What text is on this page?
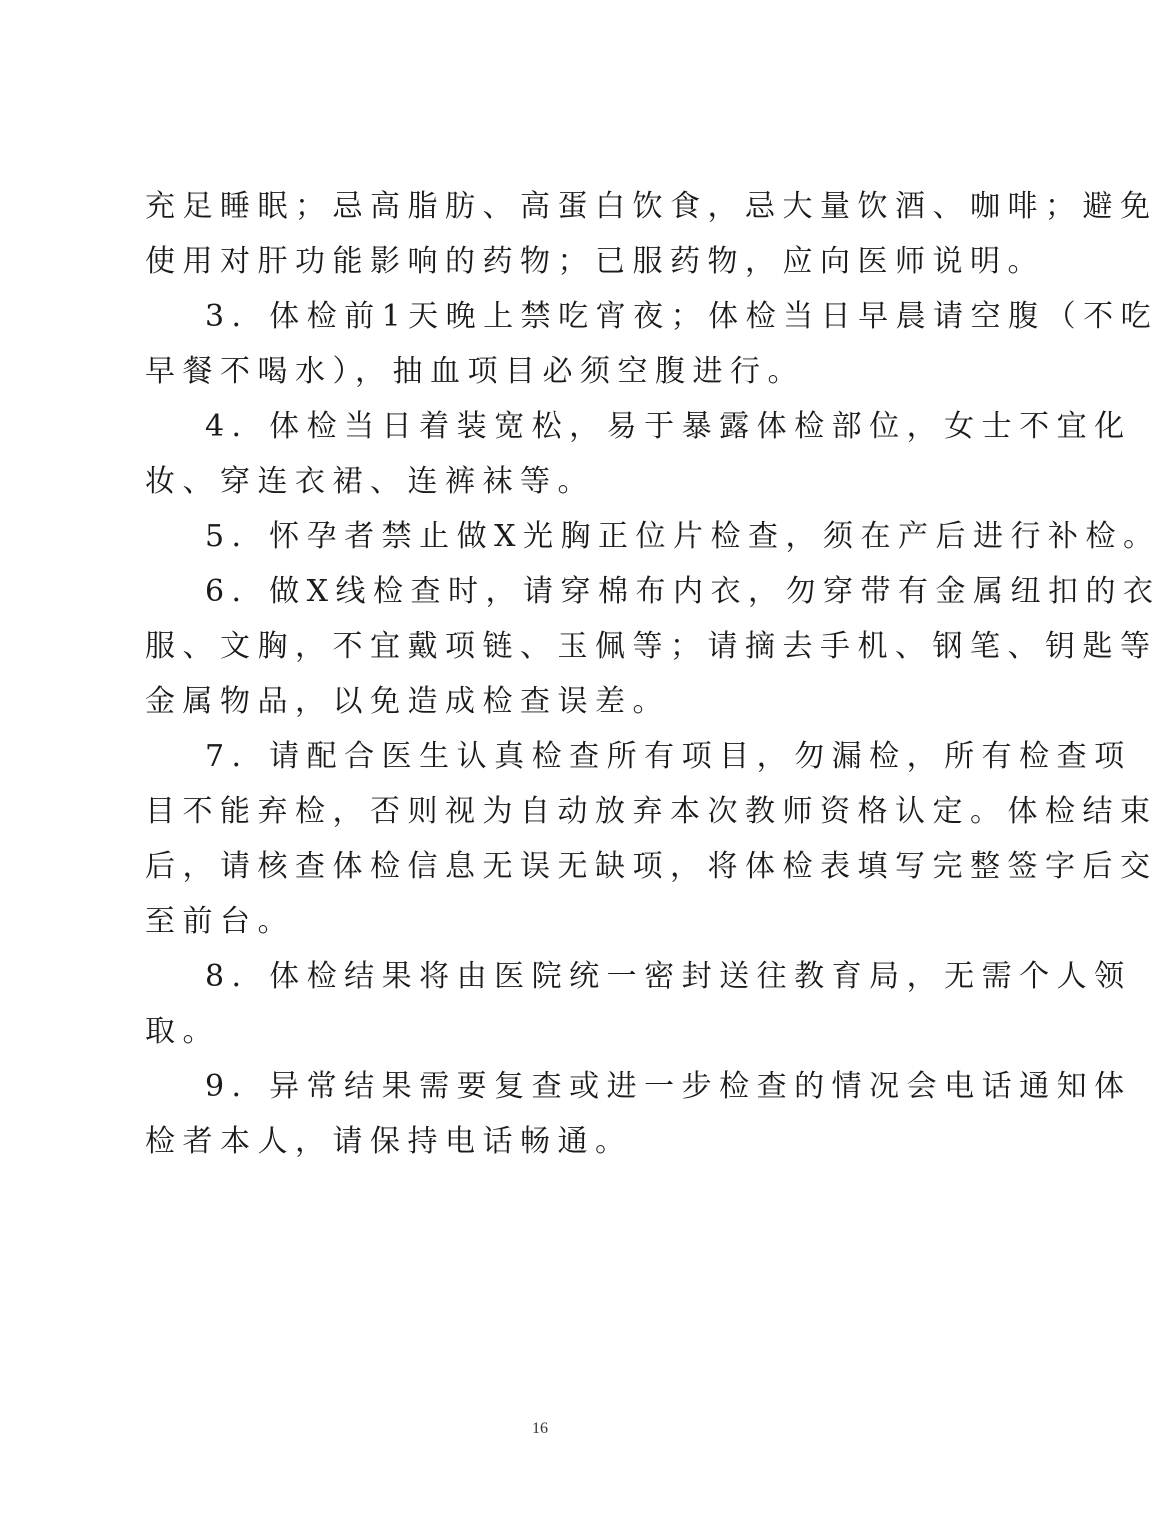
充足睡眠；忌高脂肪、高蛋白饮食，忌大量饮酒、咖啡；避免
使用对肝功能影响的药物；已服药物，应向医师说明。
3．体检前1天晚上禁吃宵夜；体检当日早晨请空腹（不吃
早餐不喝水），抽血项目必须空腹进行。
4．体检当日着装宽松，易于暴露体检部位，女士不宜化
妆、穿连衣裙、连裤袜等。
5．怀孕者禁止做X光胸正位片检查，须在产后进行补检。
6．做X线检查时，请穿棉布内衣，勿穿带有金属纽扣的衣
服、文胸，不宜戴项链、玉佩等；请摘去手机、钢笔、钥匙等
金属物品，以免造成检查误差。
7．请配合医生认真检查所有项目，勿漏检，所有检查项
目不能弃检，否则视为自动放弃本次教师资格认定。体检结束
后，请核查体检信息无误无缺项，将体检表填写完整签字后交
至前台。
8．体检结果将由医院统一密封送往教育局，无需个人领
取。
9．异常结果需要复查或进一步检查的情况会电话通知体
检者本人，请保持电话畅通。
16
